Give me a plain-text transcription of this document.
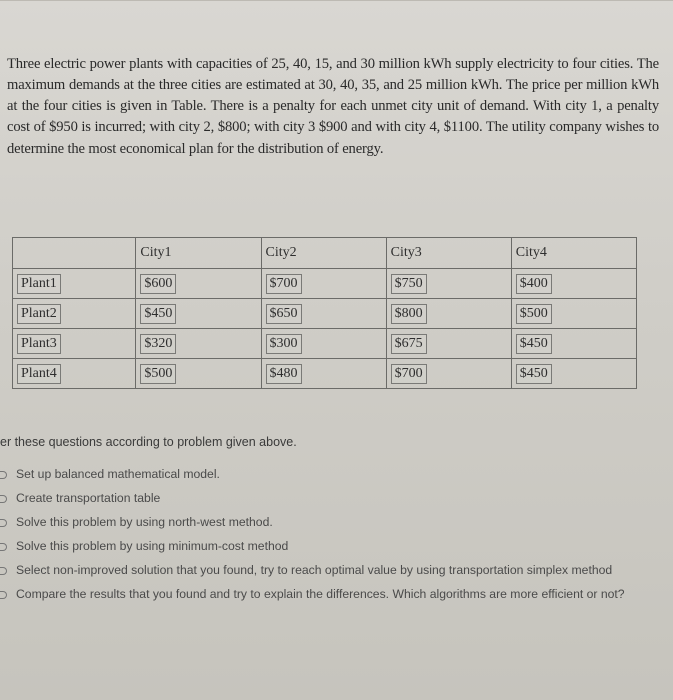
Three electric power plants with capacities of 25, 40, 15, and 30 million kWh supply electricity to four cities. The maximum demands at the three cities are estimated at 30, 40, 35, and 25 million kWh. The price per million kWh at the four cities is given in Table. There is a penalty for each unmet city unit of demand. With city 1, a penalty cost of $950 is incurred; with city 2, $800; with city 3 $900 and with city 4, $1100. The utility company wishes to determine the most economical plan for the distribution of energy.

	City1	City2	City3	City4
Plant1	$600	$700	$750	$400
Plant2	$450	$650	$800	$500
Plant3	$320	$300	$675	$450
Plant4	$500	$480	$700	$450
er these questions according to problem given above.
Set up balanced mathematical model.
Create transportation table
Solve this problem by using north-west method.
Solve this problem by using minimum-cost method
Select non-improved solution that you found, try to reach optimal value by using transportation simplex method
Compare the results that you found and try to explain the differences. Which algorithms are more efficient or not?
